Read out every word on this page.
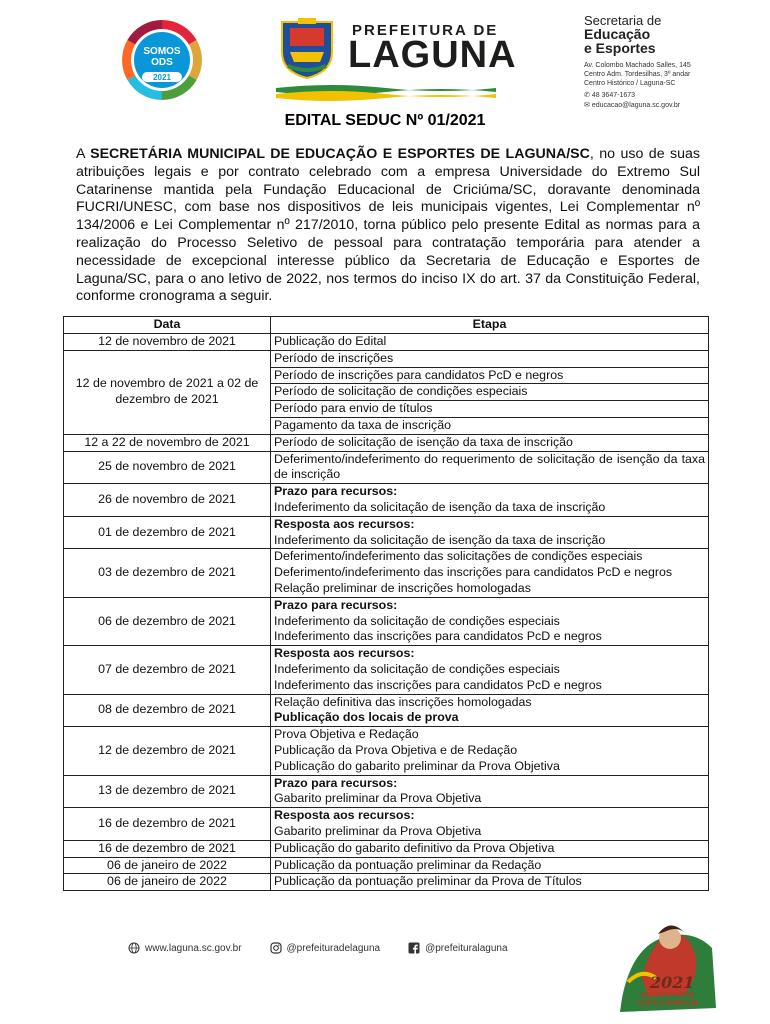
SOMOS
ODS
2021
PREFEITURA DE
LAGUNA
Secretaria de
Educação
e Esportes
Av. Colombo Machado Salles, 145
Centro Adm. Tordesilhas, 3º andar
Centro Histórico / Laguna-SC
✆ 48 3647-1673
✉ educacao@laguna.sc.gov.br
EDITAL SEDUC Nº 01/2021

A SECRETÁRIA MUNICIPAL DE EDUCAÇÃO E ESPORTES DE LAGUNA/SC, no uso de suas atribuições legais e por contrato celebrado com a empresa Universidade do Extremo Sul Catarinense mantida pela Fundação Educacional de Criciúma/SC, doravante denominada FUCRI/UNESC, com base nos dispositivos de leis municipais vigentes, Lei Complementar nº 134/2006 e Lei Complementar nº 217/2010, torna público pelo presente Edital as normas para a realização do Processo Seletivo de pessoal para contratação temporária para atender a necessidade de excepcional interesse público da Secretaria de Educação e Esportes de Laguna/SC, para o ano letivo de 2022, nos termos do inciso IX do art. 37 da Constituição Federal, conforme cronograma a seguir.

Data	Etapa
12 de novembro de 2021	Publicação do Edital

12 de novembro de 2021 a 02 de dezembro de 2021	Período de inscrições

	Período de inscrições para candidatos PcD e negros

	Período de solicitação de condições especiais

	Período para envio de títulos

	Pagamento da taxa de inscrição

12 a 22 de novembro de 2021	Período de solicitação de isenção da taxa de inscrição

25 de novembro de 2021	Deferimento/indeferimento do requerimento de solicitação de isenção da taxa de inscrição

26 de novembro de 2021	Prazo para recursos:
Indeferimento da solicitação de isenção da taxa de inscrição

01 de dezembro de 2021	Resposta aos recursos:
Indeferimento da solicitação de isenção da taxa de inscrição

03 de dezembro de 2021	Deferimento/indeferimento das solicitações de condições especiais
Deferimento/indeferimento das inscrições para candidatos PcD e negros
Relação preliminar de inscrições homologadas

06 de dezembro de 2021	Prazo para recursos:
Indeferimento da solicitação de condições especiais
Indeferimento das inscrições para candidatos PcD e negros

07 de dezembro de 2021	Resposta aos recursos:
Indeferimento da solicitação de condições especiais
Indeferimento das inscrições para candidatos PcD e negros

08 de dezembro de 2021	Relação definitiva das inscrições homologadas
Publicação dos locais de prova

12 de dezembro de 2021	Prova Objetiva e Redação
Publicação da Prova Objetiva e de Redação
Publicação do gabarito preliminar da Prova Objetiva

13 de dezembro de 2021	Prazo para recursos:
Gabarito preliminar da Prova Objetiva

16 de dezembro de 2021	Resposta aos recursos:
Gabarito preliminar da Prova Objetiva

16 de dezembro de 2021	Publicação do gabarito definitivo da Prova Objetiva

06 de janeiro de 2022	Publicação da pontuação preliminar da Redação

06 de janeiro de 2022	Publicação da pontuação preliminar da Prova de Títulos
www.laguna.sc.gov.br	@prefeituradelaguna	@prefeituralaguna
2021
BICENTENÁRIO
ANITA GARIBALDI
